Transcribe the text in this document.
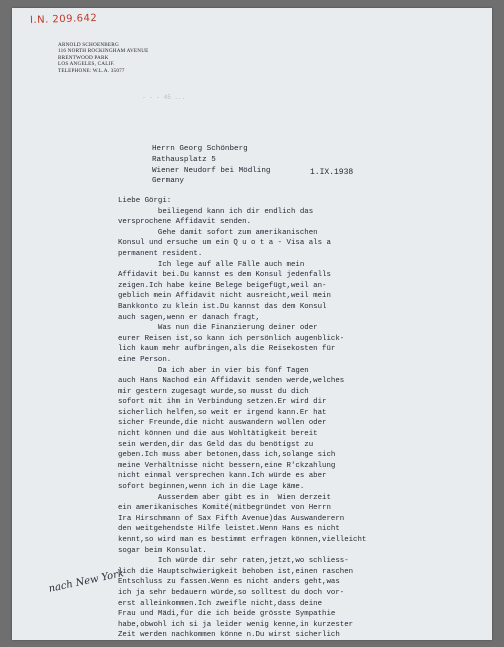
I.N. 209.642
ARNOLD SCHOENBERG
116 NORTH ROCKINGHAM AVENUE
BRENTWOOD PARK
LOS ANGELES, CALIF.
TELEPHONE: W.L.A. 35077
- - - 45 ...
Herrn Georg Schönberg
Rathausplatz 5
Wiener Neudorf bei Mödling
Germany
1.IX.1938
Liebe Görgi:
beiliegend kann ich dir endlich das
versprochene Affidavit senden.
Gehe damit sofort zum amerikanischen
Konsul und ersuche um ein Q u o t a - Visa als a
permanent resident.
Ich lege auf alle Fälle auch mein
Affidavit bei.Du kannst es dem Konsul jedenfalls
zeigen.Ich habe keine Belege beigefügt,weil an-
geblich mein Affidavit nicht ausreicht,weil mein
Bankkonto zu klein ist.Du kannst das dem Konsul
auch sagen,wenn er danach fragt,
Was nun die Finanzierung deiner oder
eurer Reisen ist,so kann ich persönlich augenblick-
lich kaum mehr aufbringen,als die Reisekosten für
eine Person.
Da ich aber in vier bis fünf Tagen
auch Hans Nachod ein Affidavit senden werde,welches
mir gestern zugesagt wurde,so musst du dich
sofort mit ihm in Verbindung setzen.Er wird dir
sicherlich helfen,so weit er irgend kann.Er hat
sicher Freunde,die nicht auswandern wollen oder
nicht können und die aus Wohltätigkeit bereit
sein werden,dir das Geld das du benötigst zu
geben.Ich muss aber betonen,dass ich,solange sich
meine Verhältnisse nicht bessern,eine R'ckzahlung
nicht einmal versprechen kann.Ich würde es aber
sofort beginnen,wenn ich in die Lage käme.
Ausserdem aber gibt es in  Wien derzeit
ein amerikanisches Komité(mitbegründet von Herrn
Ira Hirschmann of Sax Fifth Avenue)das Auswanderern
den weitgehendste Hilfe leistet.Wenn Hans es nicht
kennt,so wird man es bestimmt erfragen können,vielleicht
sogar beim Konsulat.
Ich würde dir sehr raten,jetzt,wo schliess-
lich die Hauptschwierigkeit behoben ist,einen raschen
Entschluss zu fassen.Wenn es nicht anders geht,was
ich ja sehr bedauern würde,so solltest du doch vor-
erst alleinkommen.Ich zweifle nicht,dass deine
Frau und Mädi,für die ich beide grösste Sympathie
habe,obwohl ich si ja leider wenig kenne,in kurzester
Zeit werden nachkommen könne n.Du wirst sicherlich
nach New York
